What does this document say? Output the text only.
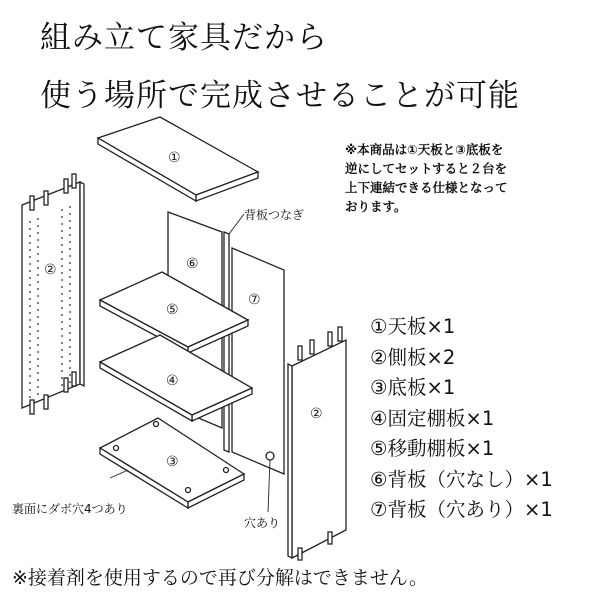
組み立て家具だから
使う場所で完成させることが可能
①
②	⑥
⑦
⑤
④
③
②
背板つなぎ
裏面にダボ穴4つあり
穴あり
※本商品は①天板と③底板を
逆にしてセットすると２台を
上下連結できる仕様となって
おります。
①天板×1
②側板×2
③底板×1
④固定棚板×1
⑤移動棚板×1
⑥背板（穴なし）×1
⑦背板（穴あり）×1
※接着剤を使用するので再び分解はできません。
